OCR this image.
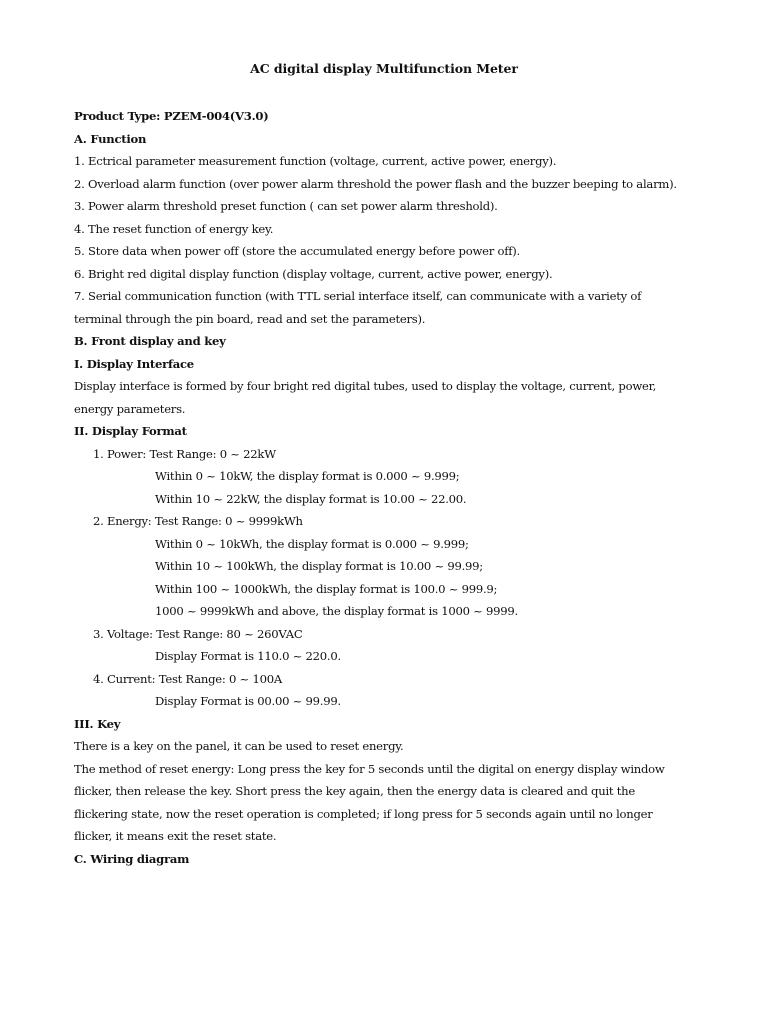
AC digital display Multifunction Meter
Product Type: PZEM-004(V3.0)
A. Function
1. Ectrical parameter measurement function (voltage, current, active power, energy).
2. Overload alarm function (over power alarm threshold the power flash and the buzzer beeping to alarm).
3. Power alarm threshold preset function ( can set power alarm threshold).
4. The reset function of energy key.
5. Store data when power off (store the accumulated energy before power off).
6. Bright red digital display function (display voltage, current, active power, energy).
7. Serial communication function (with TTL serial interface itself, can communicate with a variety of
terminal through the pin board, read and set the parameters).
B. Front display and key
I. Display Interface
Display interface is formed by four bright red digital tubes, used to display the voltage, current, power,
energy parameters.
II. Display Format
1. Power: Test Range: 0 ~ 22kW
Within 0 ~ 10kW, the display format is 0.000 ~ 9.999;
Within 10 ~ 22kW, the display format is 10.00 ~ 22.00.
2. Energy: Test Range: 0 ~ 9999kWh
Within 0 ~ 10kWh, the display format is 0.000 ~ 9.999;
Within 10 ~ 100kWh, the display format is 10.00 ~ 99.99;
Within 100 ~ 1000kWh, the display format is 100.0 ~ 999.9;
1000 ~ 9999kWh and above, the display format is 1000 ~ 9999.
3. Voltage: Test Range: 80 ~ 260VAC
Display Format is 110.0 ~ 220.0.
4. Current: Test Range: 0 ~ 100A
Display Format is 00.00 ~ 99.99.
III. Key
There is a key on the panel, it can be used to reset energy.
The method of reset energy: Long press the key for 5 seconds until the digital on energy display window
flicker, then release the key. Short press the key again, then the energy data is cleared and quit the
flickering state, now the reset operation is completed; if long press for 5 seconds again until no longer
flicker, it means exit the reset state.
C. Wiring diagram
